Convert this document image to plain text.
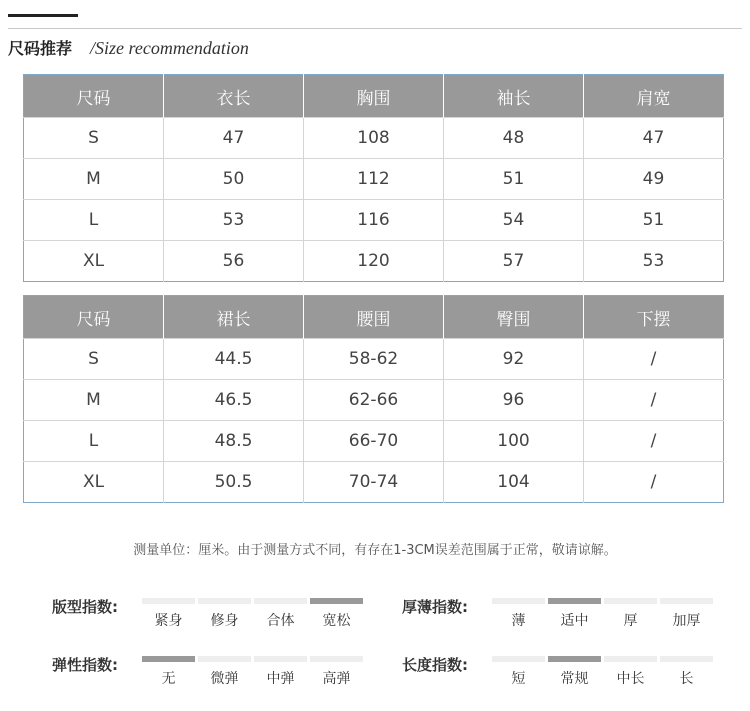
尺码推荐 /Size recommendation
尺码	衣长	胸围	袖长	肩宽
S	47	108	48	47
M	50	112	51	49
L	53	116	54	51
XL	56	120	57	53
尺码	裙长	腰围	臀围	下摆
S	44.5	58-62	92	/
M	46.5	62-66	96	/
L	48.5	66-70	100	/
XL	50.5	70-74	104	/
测量单位：厘米。由于测量方式不同，有存在1-3CM误差范围属于正常，敬请谅解。
版型指数:
紧身	修身	合体	宽松
厚薄指数:
薄	适中	厚	加厚
弹性指数:
无	微弹	中弹	高弹
长度指数:
短	常规	中长	长
